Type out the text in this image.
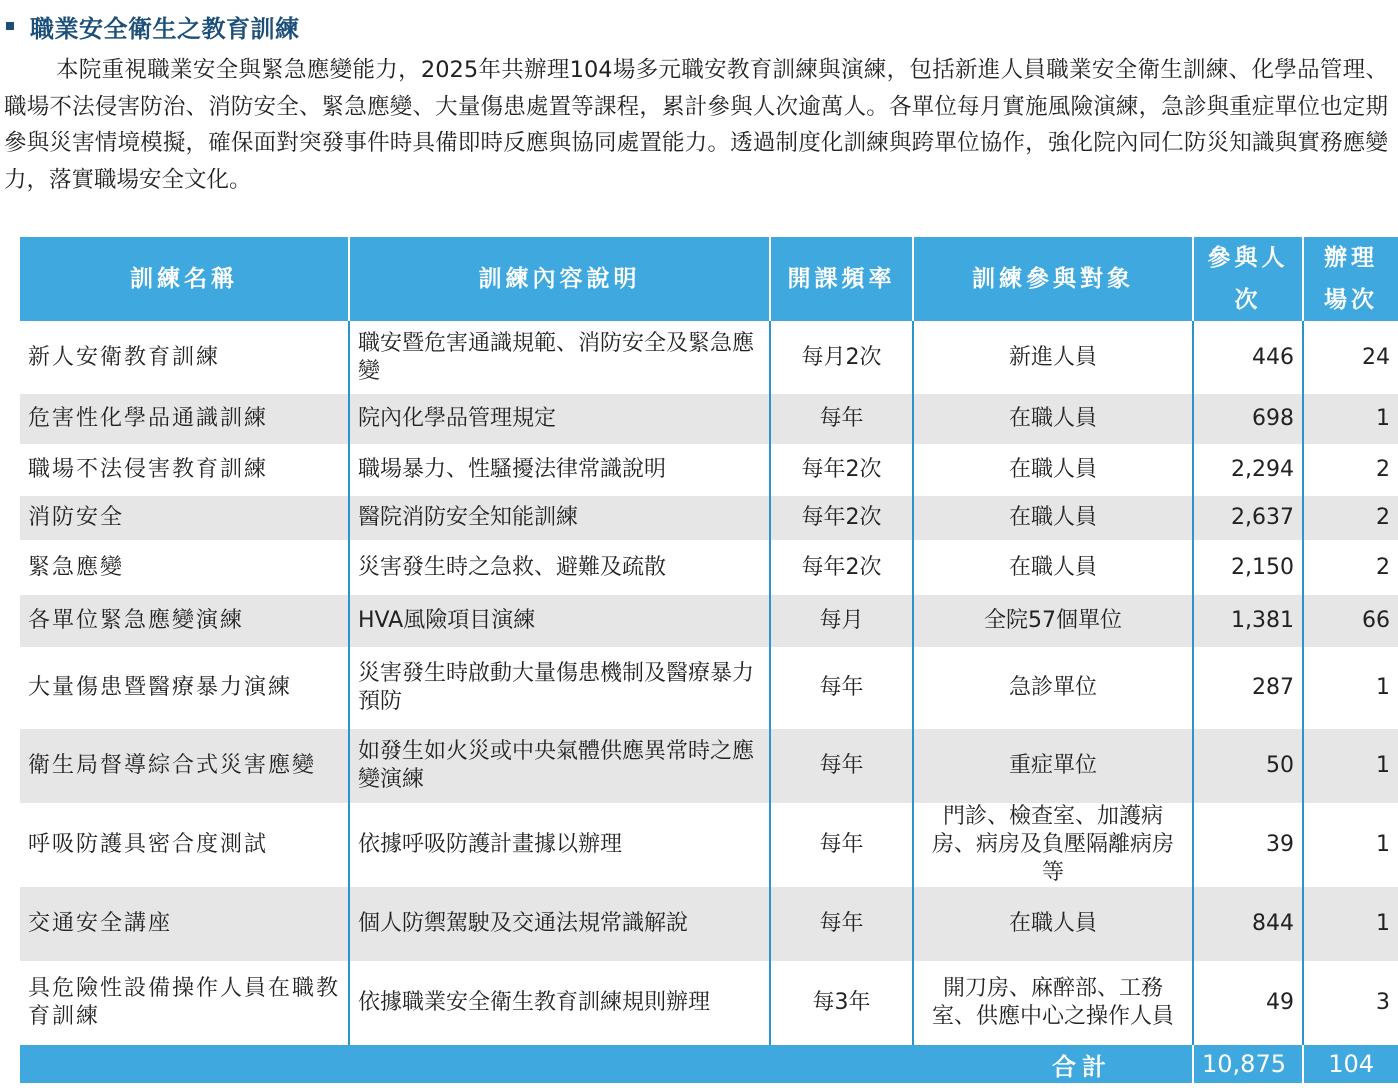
職業安全衛生之教育訓練

本院重視職業安全與緊急應變能力，2025年共辦理104場多元職安教育訓練與演練，包括新進人員職業安全衛生訓練、化學品管理、職場不法侵害防治、消防安全、緊急應變、大量傷患處置等課程，累計參與人次逾萬人。各單位每月實施風險演練，急診與重症單位也定期參與災害情境模擬，確保面對突發事件時具備即時反應與協同處置能力。透過制度化訓練與跨單位協作，強化院內同仁防災知識與實務應變力，落實職場安全文化。

訓練名稱	訓練內容說明	開課頻率	訓練參與對象	參與人次	辦理場次
新人安衛教育訓練	職安暨危害通識規範、消防安全及緊急應變	每月2次	新進人員	446	24
危害性化學品通識訓練	院內化學品管理規定	每年	在職人員	698	1
職場不法侵害教育訓練	職場暴力、性騷擾法律常識說明	每年2次	在職人員	2,294	2
消防安全	醫院消防安全知能訓練	每年2次	在職人員	2,637	2
緊急應變	災害發生時之急救、避難及疏散	每年2次	在職人員	2,150	2
各單位緊急應變演練	HVA風險項目演練	每月	全院57個單位	1,381	66
大量傷患暨醫療暴力演練	災害發生時啟動大量傷患機制及醫療暴力預防	每年	急診單位	287	1
衛生局督導綜合式災害應變	如發生如火災或中央氣體供應異常時之應變演練	每年	重症單位	50	1
呼吸防護具密合度測試	依據呼吸防護計畫據以辦理	每年	門診、檢查室、加護病房、病房及負壓隔離病房等	39	1
交通安全講座	個人防禦駕駛及交通法規常識解說	每年	在職人員	844	1
具危險性設備操作人員在職教育訓練	依據職業安全衛生教育訓練規則辦理	每3年	開刀房、麻醉部、工務室、供應中心之操作人員	49	3
合計				10,875	104
